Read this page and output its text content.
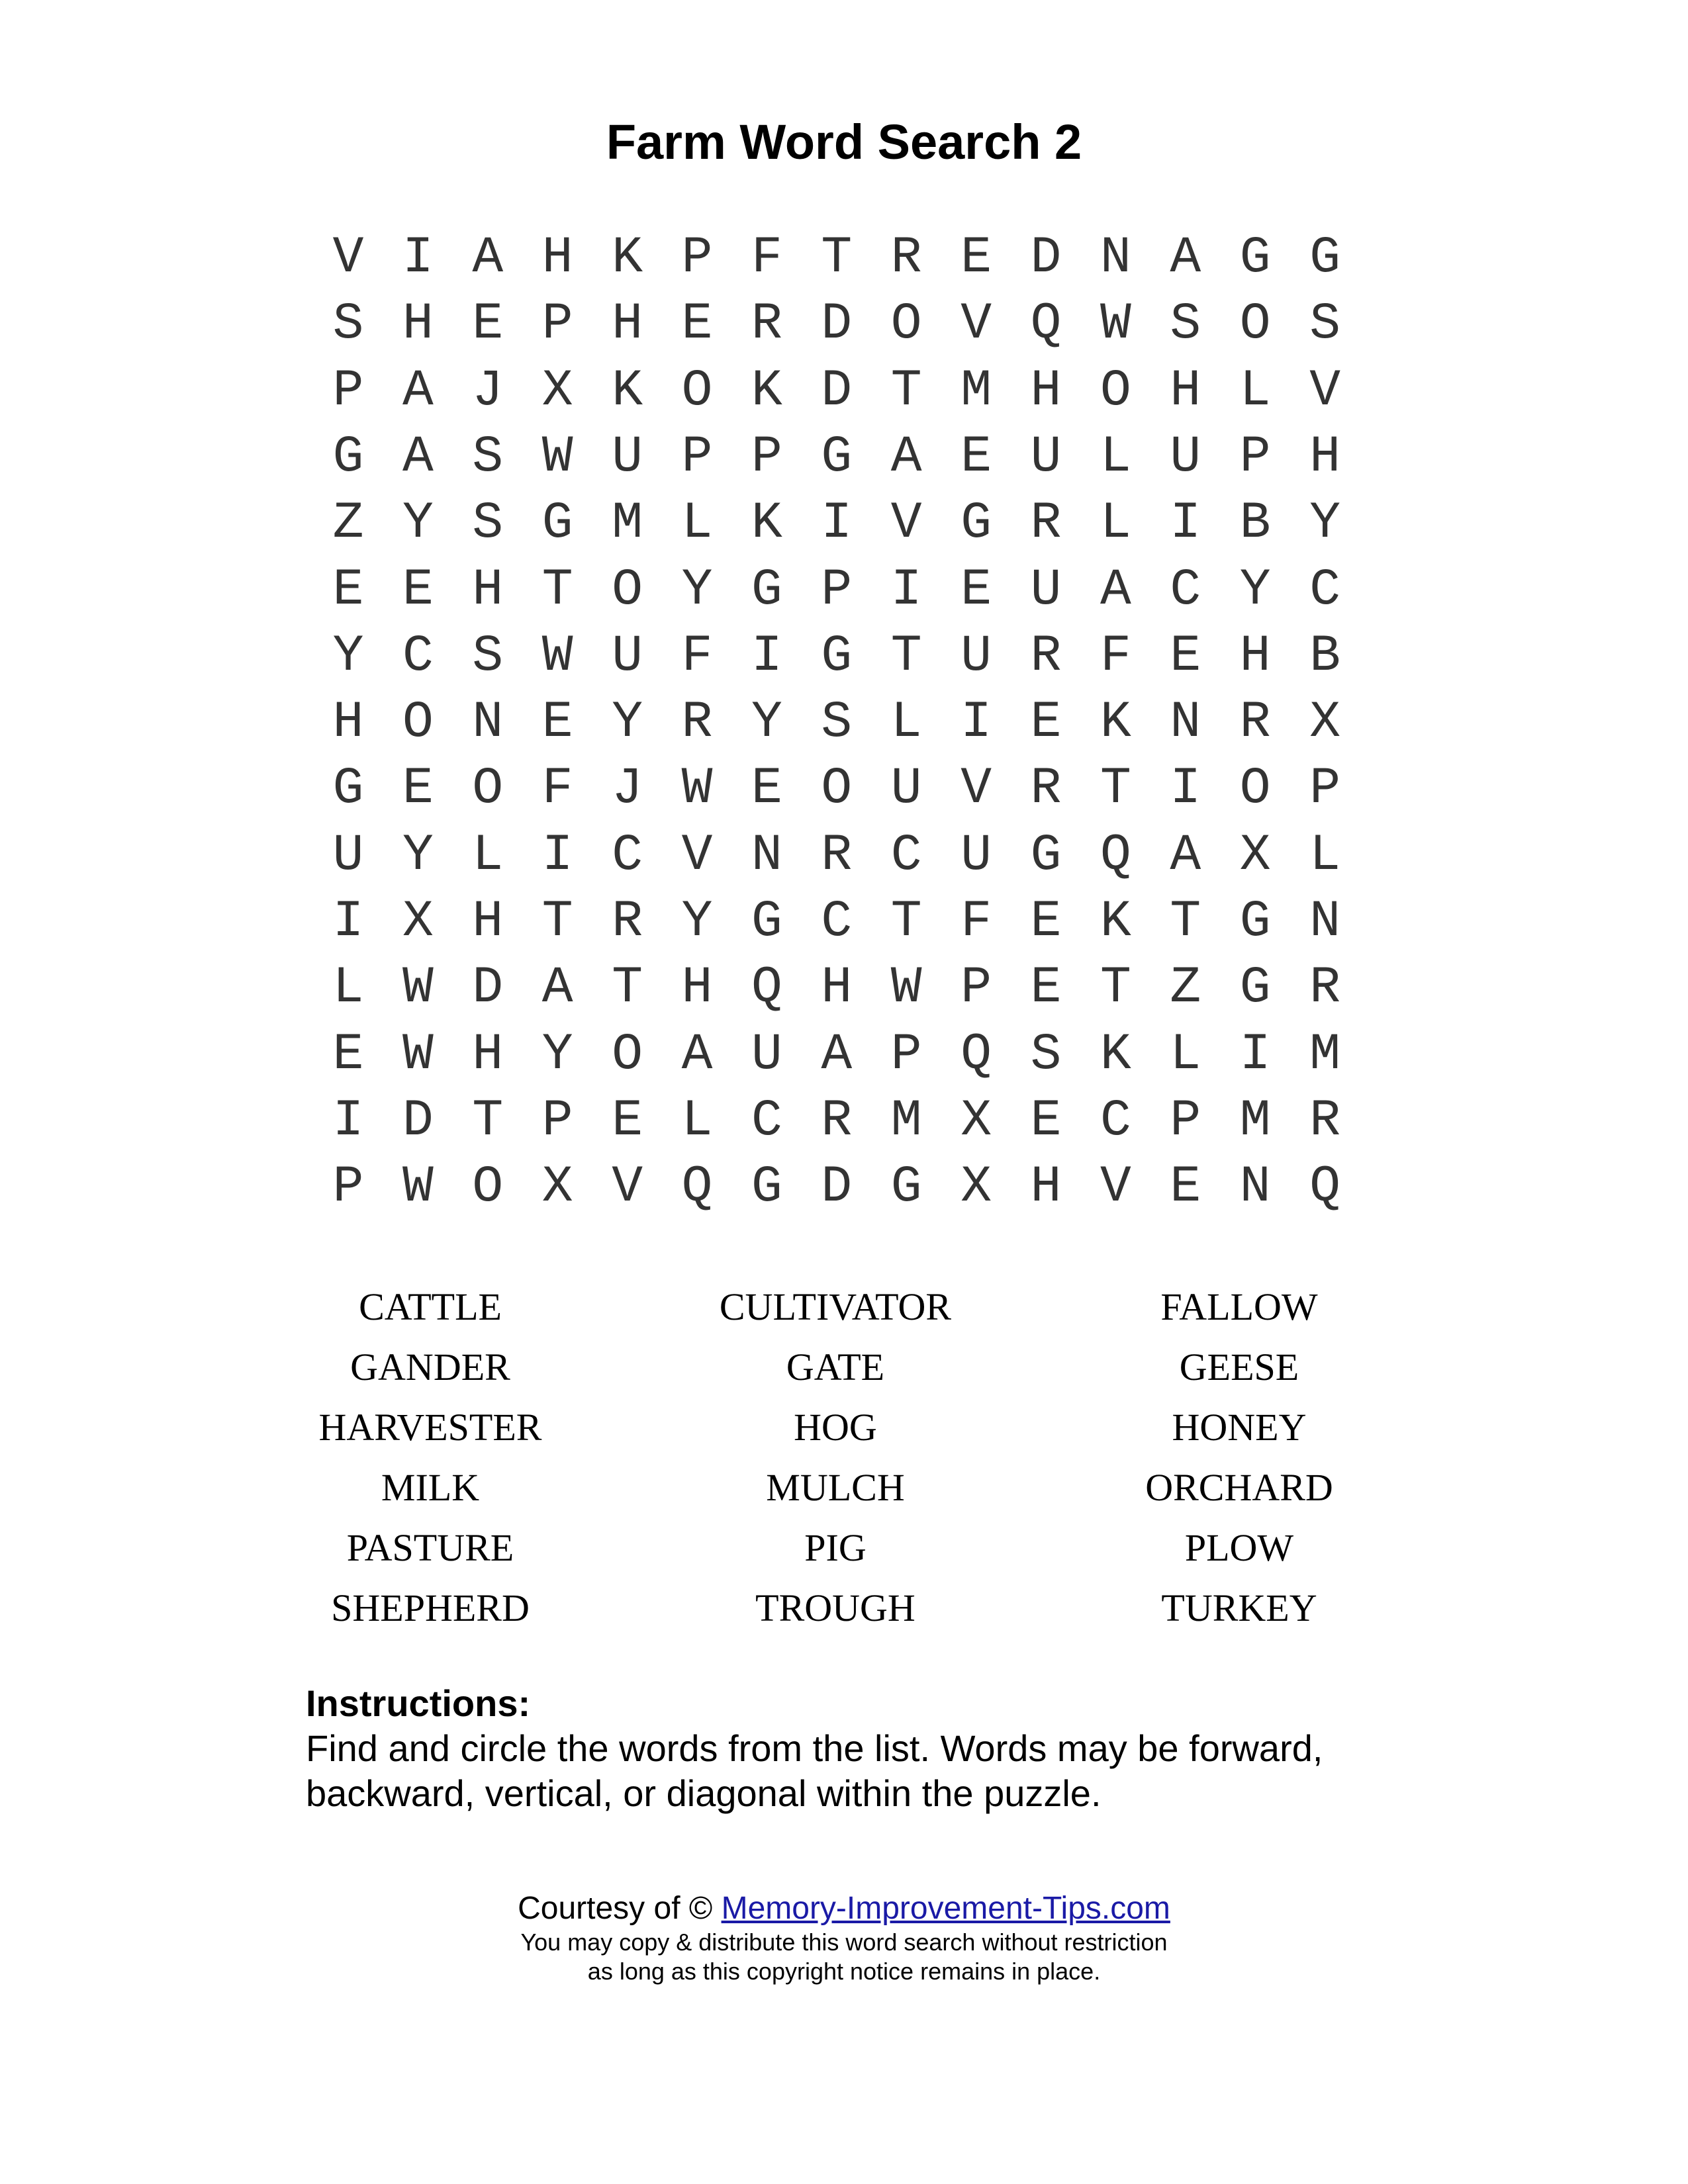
Farm Word Search 2
V I A H K P F T R E D N A G G
S H E P H E R D O V Q W S O S
P A J X K O K D T M H O H L V
G A S W U P P G A E U L U P H
Z Y S G M L K I V G R L I B Y
E E H T O Y G P I E U A C Y C
Y C S W U F I G T U R F E H B
H O N E Y R Y S L I E K N R X
G E O F J W E O U V R T I O P
U Y L I C V N R C U G Q A X L
I X H T R Y G C T F E K T G N
L W D A T H Q H W P E T Z G R
E W H Y O A U A P Q S K L I M
I D T P E L C R M X E C P M R
P W O X V Q G D G X H V E N Q
CATTLE	CULTIVATOR	FALLOW
GANDER	GATE	GEESE
HARVESTER	HOG	HONEY
MILK	MULCH	ORCHARD
PASTURE	PIG	PLOW
SHEPHERD	TROUGH	TURKEY
Instructions:
Find and circle the words from the list. Words may be forward,
backward, vertical, or diagonal within the puzzle.
Courtesy of © Memory-Improvement-Tips.com
You may copy & distribute this word search without restriction
as long as this copyright notice remains in place.
